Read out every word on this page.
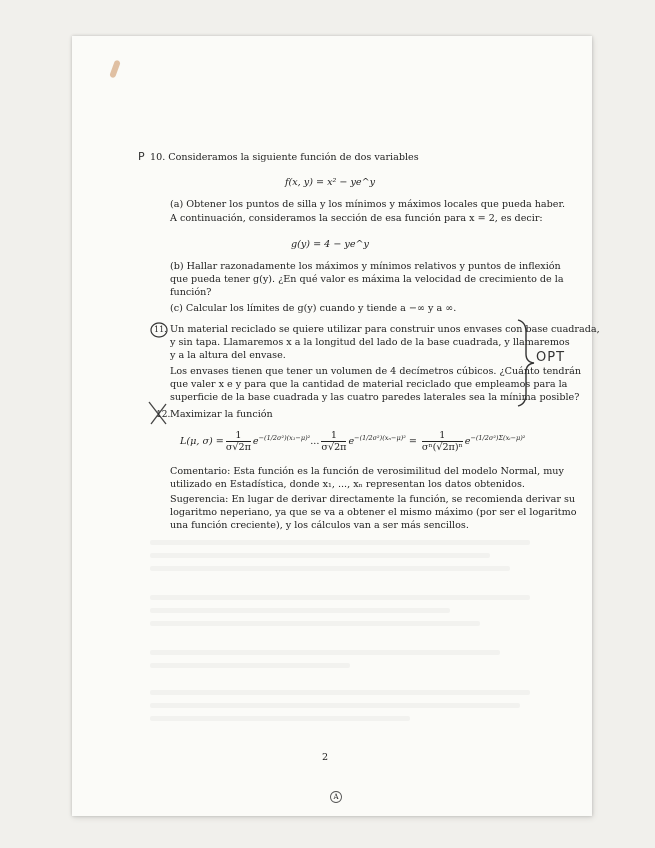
P 10. Consideramos la siguiente función de dos variables
f(x, y) = x² − ye^y
(a) Obtener los puntos de silla y los mínimos y máximos locales que pueda haber.
A continuación, consideramos la sección de esa función para x = 2, es decir:
g(y) = 4 − ye^y
(b) Hallar razonadamente los máximos y mínimos relativos y puntos de inflexión
que pueda tener g(y). ¿En qué valor es máxima la velocidad de crecimiento de la
función?
(c) Calcular los límites de g(y) cuando y tiende a −∞ y a ∞.
11. Un material reciclado se quiere utilizar para construir unos envases con base cuadrada,
y sin tapa. Llamaremos x a la longitud del lado de la base cuadrada, y llamaremos
y a la altura del envase.
Los envases tienen que tener un volumen de 4 decímetros cúbicos. ¿Cuánto tendrán
que valer x e y para que la cantidad de material reciclado que empleamos para la
superficie de la base cuadrada y las cuatro paredes laterales sea la mínima posible?
OPT
12. Maximizar la función
L(μ, $\sigma) = \frac{1}{\sigma√2\pi} e^{-(1/2\sigma^2)(x_1-\mu)^2}$ ... $\frac{1}{\sigma√2\pi} e^{-(1/2\sigma^2)(x_n-\mu)^2} = \frac{1}{\text{σⁿ(√2π)ⁿ}} e^{-(1/2\sigma^2)\Sigma(xᵢ-\mu)^2}$
Comentario: Esta función es la función de verosimilitud del modelo Normal, muy
utilizado en Estadística, donde x₁, ..., xₙ representan los datos obtenidos.
Sugerencia: En lugar de derivar directamente la función, se recomienda derivar su
logaritmo neperiano, ya que se va a obtener el mismo máximo (por ser el logaritmo
una función creciente), y los cálculos van a ser más sencillos.
2
A
